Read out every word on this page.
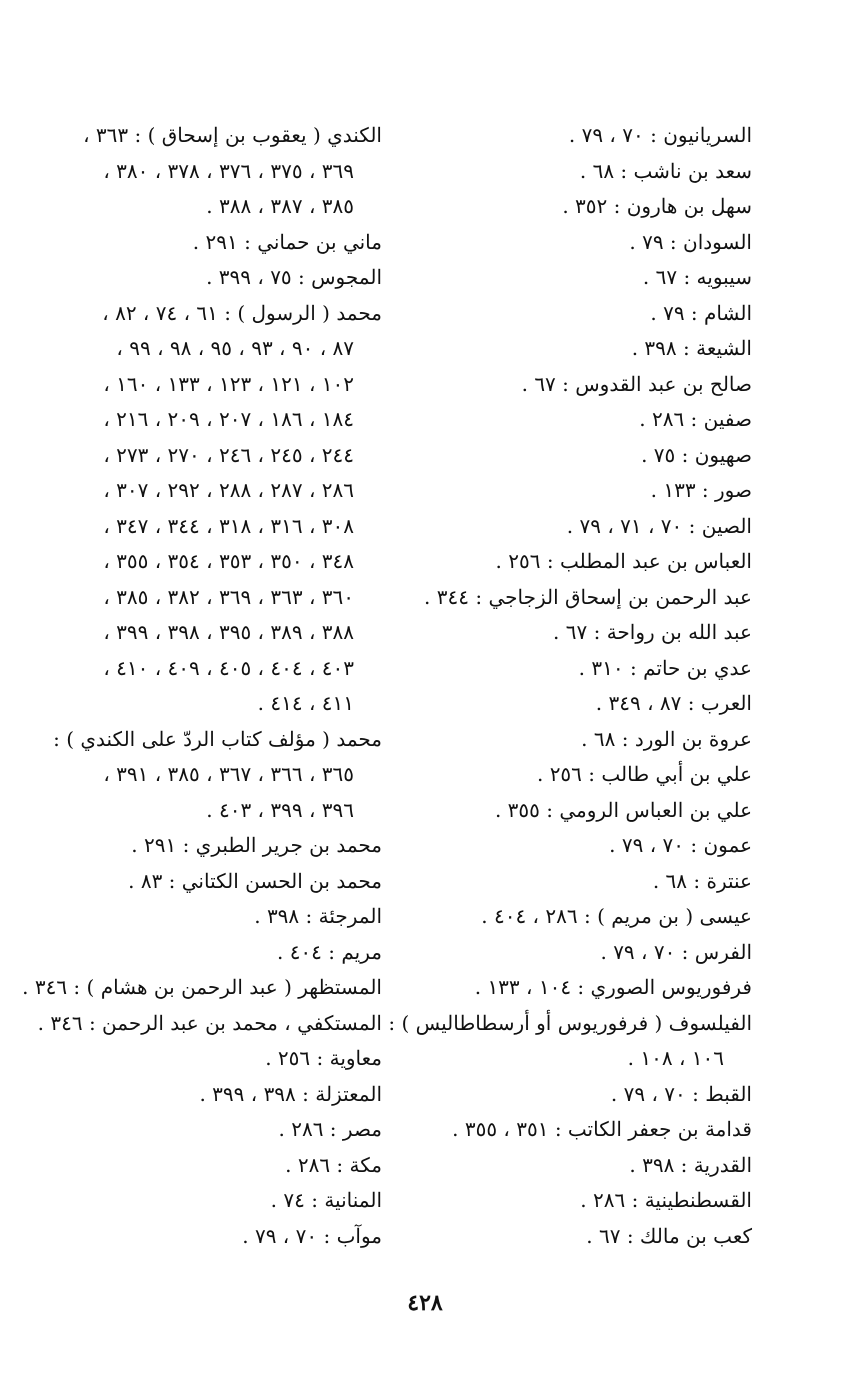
السريانيون : ٧٠ ، ٧٩ .
سعد بن ناشب : ٦٨ .
سهل بن هارون : ٣٥٢ .
السودان : ٧٩ .
سيبويه : ٦٧ .
الشام : ٧٩ .
الشيعة : ٣٩٨ .
صالح بن عبد القدوس : ٦٧ .
صفين : ٢٨٦ .
صهيون : ٧٥ .
صور : ١٣٣ .
الصين : ٧٠ ، ٧١ ، ٧٩ .
العباس بن عبد المطلب : ٢٥٦ .
عبد الرحمن بن إسحاق الزجاجي : ٣٤٤ .
عبد الله بن رواحة : ٦٧ .
عدي بن حاتم : ٣١٠ .
العرب : ٨٧ ، ٣٤٩ .
عروة بن الورد : ٦٨ .
علي بن أبي طالب : ٢٥٦ .
علي بن العباس الرومي : ٣٥٥ .
عمون : ٧٠ ، ٧٩ .
عنترة : ٦٨ .
عيسى ( بن مريم ) : ٢٨٦ ، ٤٠٤ .
الفرس : ٧٠ ، ٧٩ .
فرفوريوس الصوري : ١٠٤ ، ١٣٣ .
الفيلسوف ( فرفوريوس أو أرسطاطاليس ) :
١٠٦ ، ١٠٨ .
القبط : ٧٠ ، ٧٩ .
قدامة بن جعفر الكاتب : ٣٥١ ، ٣٥٥ .
القدرية : ٣٩٨ .
القسطنطينية : ٢٨٦ .
كعب بن مالك : ٦٧ .
الكندي ( يعقوب بن إسحاق ) : ٣٦٣ ،
٣٦٩ ، ٣٧٥ ، ٣٧٦ ، ٣٧٨ ، ٣٨٠ ،
٣٨٥ ، ٣٨٧ ، ٣٨٨ .
ماني بن حماني : ٢٩١ .
المجوس : ٧٥ ، ٣٩٩ .
محمد ( الرسول ) : ٦١ ، ٧٤ ، ٨٢ ،
٨٧ ، ٩٠ ، ٩٣ ، ٩٥ ، ٩٨ ، ٩٩ ،
١٠٢ ، ١٢١ ، ١٢٣ ، ١٣٣ ، ١٦٠ ،
١٨٤ ، ١٨٦ ، ٢٠٧ ، ٢٠٩ ، ٢١٦ ،
٢٤٤ ، ٢٤٥ ، ٢٤٦ ، ٢٧٠ ، ٢٧٣ ،
٢٨٦ ، ٢٨٧ ، ٢٨٨ ، ٢٩٢ ، ٣٠٧ ،
٣٠٨ ، ٣١٦ ، ٣١٨ ، ٣٤٤ ، ٣٤٧ ،
٣٤٨ ، ٣٥٠ ، ٣٥٣ ، ٣٥٤ ، ٣٥٥ ،
٣٦٠ ، ٣٦٣ ، ٣٦٩ ، ٣٨٢ ، ٣٨٥ ،
٣٨٨ ، ٣٨٩ ، ٣٩٥ ، ٣٩٨ ، ٣٩٩ ،
٤٠٣ ، ٤٠٤ ، ٤٠٥ ، ٤٠٩ ، ٤١٠ ،
٤١١ ، ٤١٤ .
محمد ( مؤلف كتاب الردّ على الكندي ) :
٣٦٥ ، ٣٦٦ ، ٣٦٧ ، ٣٨٥ ، ٣٩١ ،
٣٩٦ ، ٣٩٩ ، ٤٠٣ .
محمد بن جرير الطبري : ٢٩١ .
محمد بن الحسن الكتاني : ٨٣ .
المرجئة : ٣٩٨ .
مريم : ٤٠٤ .
المستظهر ( عبد الرحمن بن هشام ) : ٣٤٦ .
المستكفي ، محمد بن عبد الرحمن : ٣٤٦ .
معاوية : ٢٥٦ .
المعتزلة : ٣٩٨ ، ٣٩٩ .
مصر : ٢٨٦ .
مكة : ٢٨٦ .
المنانية : ٧٤ .
موآب : ٧٠ ، ٧٩ .
٤٢٨
